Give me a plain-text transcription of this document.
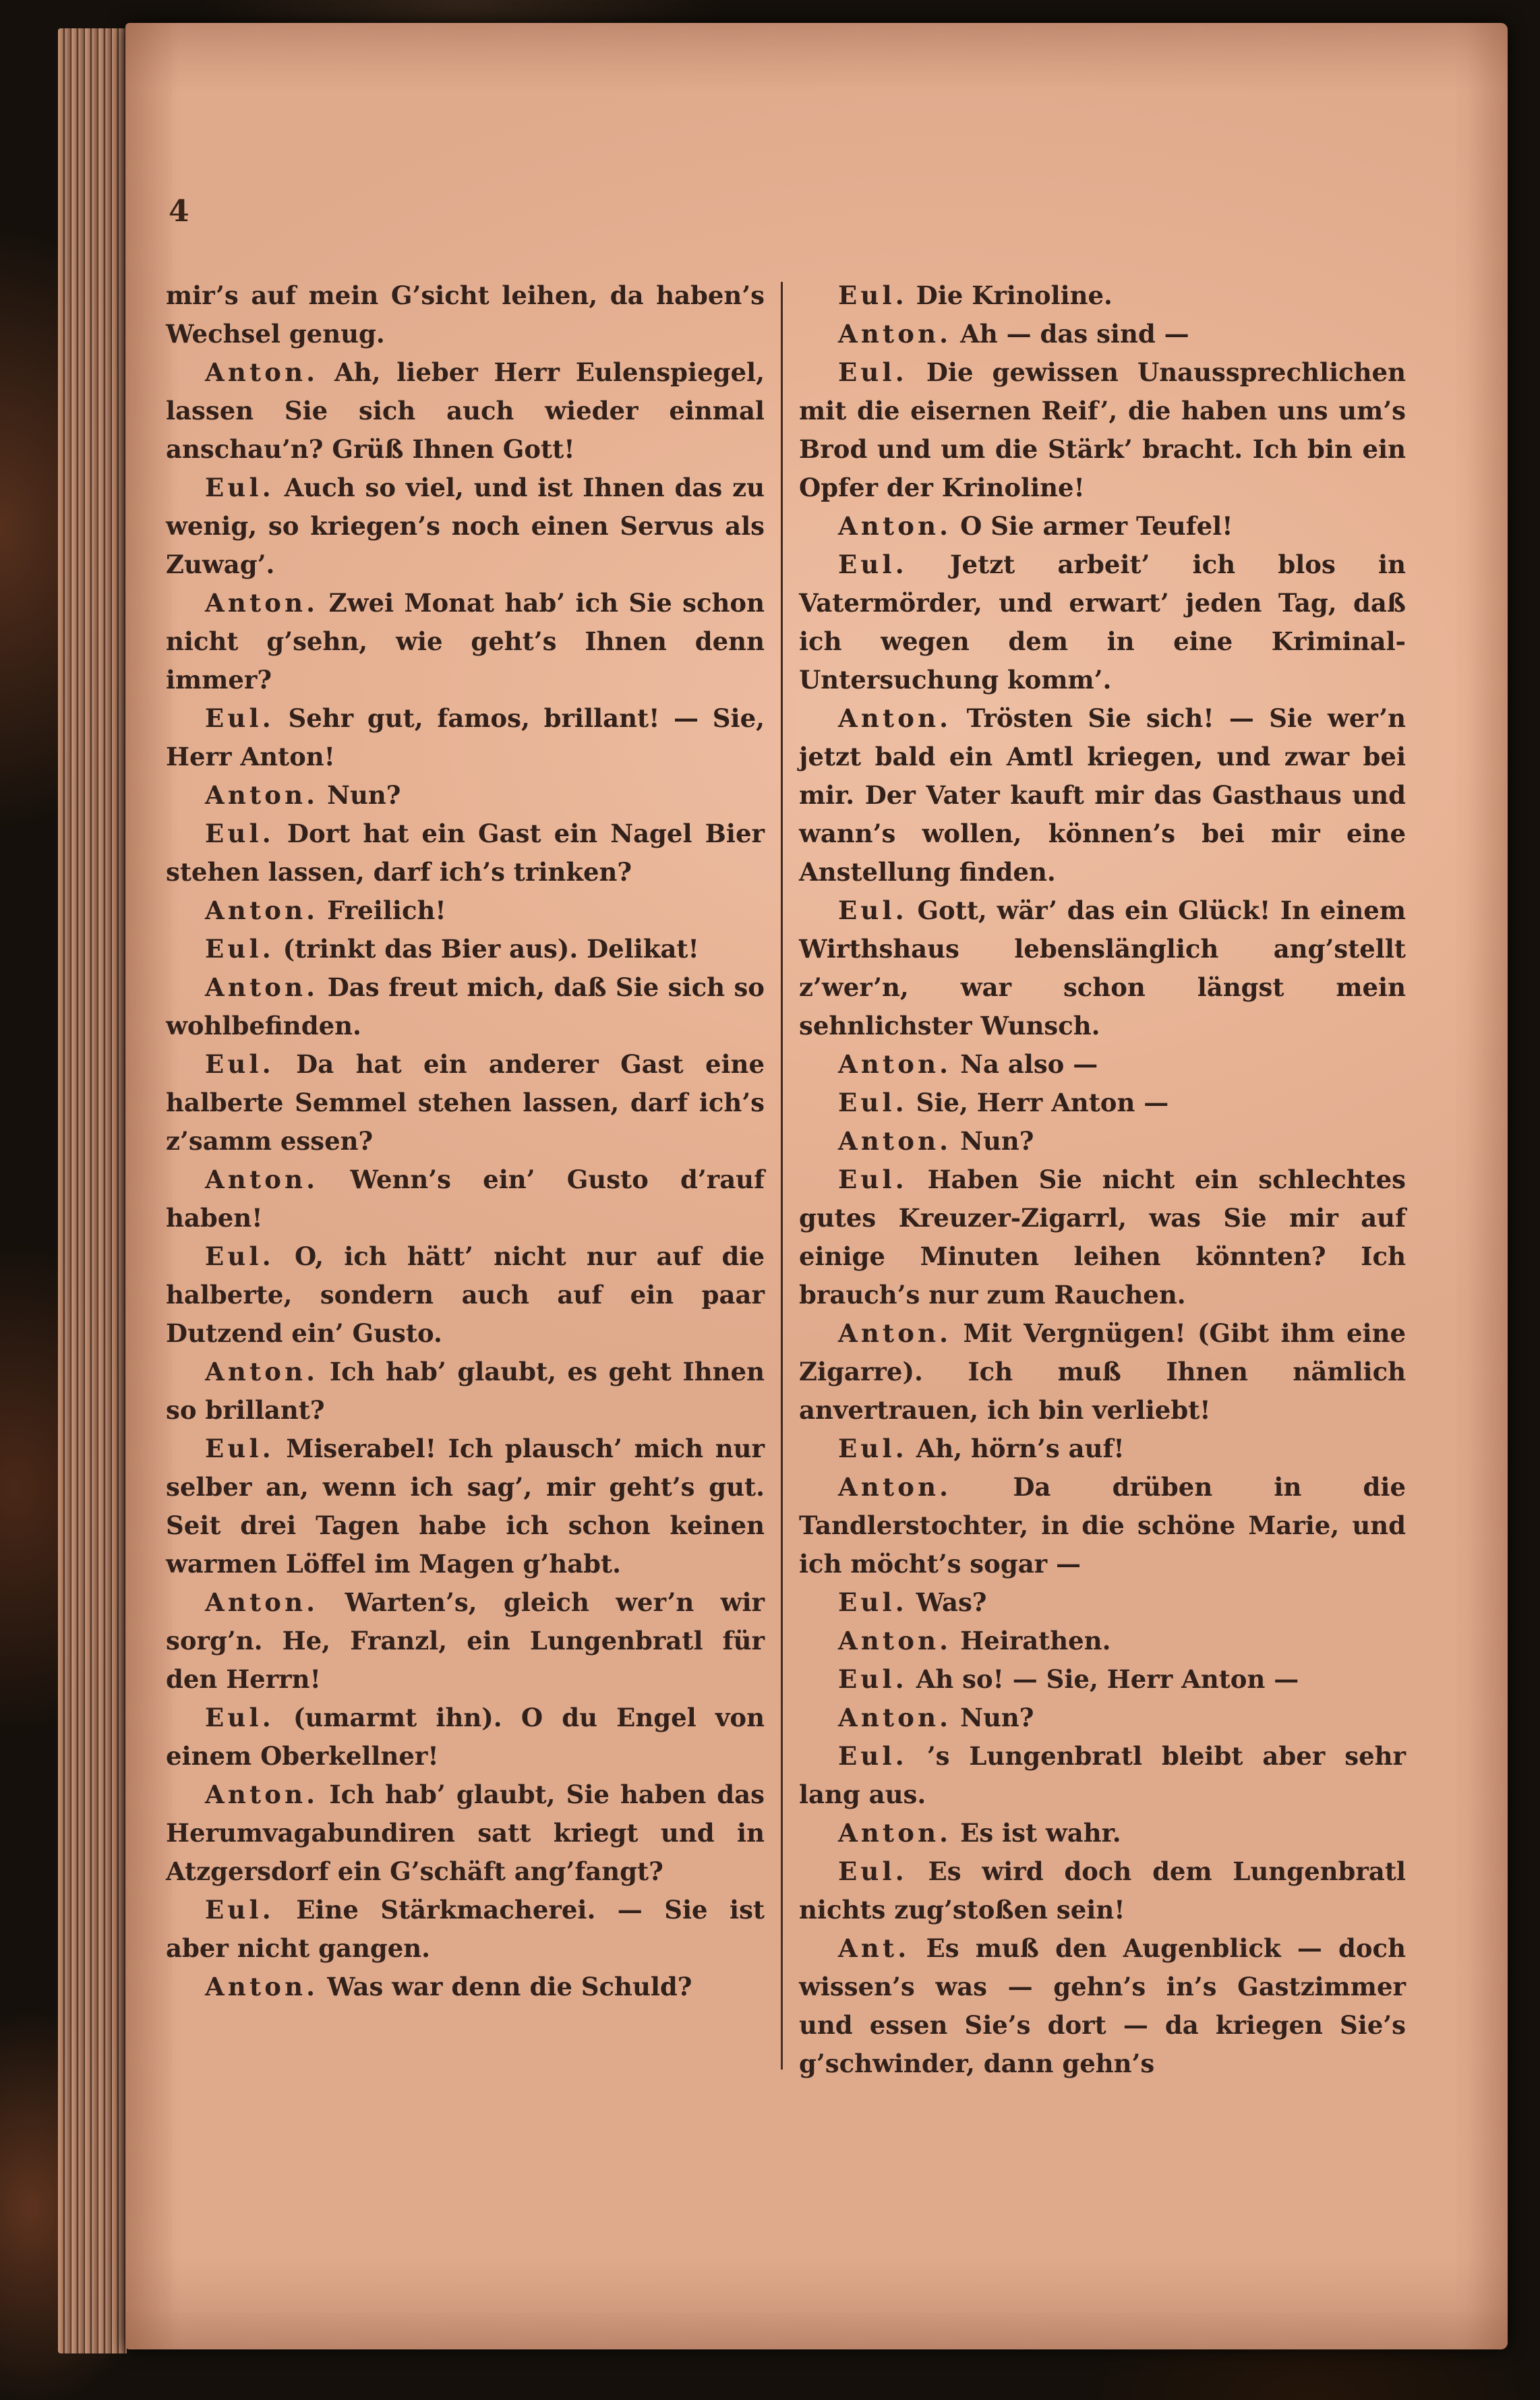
4

mir’s auf mein G’sicht leihen, da haben’s Wechsel genug.

Anton. Ah, lieber Herr Eulenspiegel, lassen Sie sich auch wieder einmal anschau’n? Grüß Ihnen Gott!

Eul. Auch so viel, und ist Ihnen das zu wenig, so kriegen’s noch einen Servus als Zuwag’.

Anton. Zwei Monat hab’ ich Sie schon nicht g’sehn, wie geht’s Ihnen denn immer?

Eul. Sehr gut, famos, brillant! — Sie, Herr Anton!

Anton. Nun?

Eul. Dort hat ein Gast ein Nagel Bier stehen lassen, darf ich’s trinken?

Anton. Freilich!

Eul. (trinkt das Bier aus). Delikat!

Anton. Das freut mich, daß Sie sich so wohlbefinden.

Eul. Da hat ein anderer Gast eine halberte Semmel stehen lassen, darf ich’s z’samm essen?

Anton. Wenn’s ein’ Gusto d’rauf haben!

Eul. O, ich hätt’ nicht nur auf die halberte, sondern auch auf ein paar Dutzend ein’ Gusto.

Anton. Ich hab’ glaubt, es geht Ihnen so brillant?

Eul. Miserabel! Ich plausch’ mich nur selber an, wenn ich sag’, mir geht’s gut. Seit drei Tagen habe ich schon keinen warmen Löffel im Magen g’habt.

Anton. Warten’s, gleich wer’n wir sorg’n. He, Franzl, ein Lungenbratl für den Herrn!

Eul. (umarmt ihn). O du Engel von einem Oberkellner!

Anton. Ich hab’ glaubt, Sie haben das Herumvagabundiren satt kriegt und in Atzgersdorf ein G’schäft ang’fangt?

Eul. Eine Stärkmacherei. — Sie ist aber nicht gangen.

Anton. Was war denn die Schuld?

Eul. Die Krinoline.

Anton. Ah — das sind —

Eul. Die gewissen Unaussprechlichen mit die eisernen Reif’, die haben uns um’s Brod und um die Stärk’ bracht. Ich bin ein Opfer der Krinoline!

Anton. O Sie armer Teufel!

Eul. Jetzt arbeit’ ich blos in Vatermörder, und erwart’ jeden Tag, daß ich wegen dem in eine Kriminal-Untersuchung komm’.

Anton. Trösten Sie sich! — Sie wer’n jetzt bald ein Amtl kriegen, und zwar bei mir. Der Vater kauft mir das Gasthaus und wann’s wollen, können’s bei mir eine Anstellung finden.

Eul. Gott, wär’ das ein Glück! In einem Wirthshaus lebenslänglich ang’stellt z’wer’n, war schon längst mein sehnlichster Wunsch.

Anton. Na also —

Eul. Sie, Herr Anton —

Anton. Nun?

Eul. Haben Sie nicht ein schlechtes gutes Kreuzer-Zigarrl, was Sie mir auf einige Minuten leihen könnten? Ich brauch’s nur zum Rauchen.

Anton. Mit Vergnügen! (Gibt ihm eine Zigarre). Ich muß Ihnen nämlich anvertrauen, ich bin verliebt!

Eul. Ah, hörn’s auf!

Anton. Da drüben in die Tandlerstochter, in die schöne Marie, und ich möcht’s sogar —

Eul. Was?

Anton. Heirathen.

Eul. Ah so! — Sie, Herr Anton —

Anton. Nun?

Eul. ’s Lungenbratl bleibt aber sehr lang aus.

Anton. Es ist wahr.

Eul. Es wird doch dem Lungenbratl nichts zug’stoßen sein!

Ant. Es muß den Augenblick — doch wissen’s was — gehn’s in’s Gastzimmer und essen Sie’s dort — da kriegen Sie’s g’schwinder, dann gehn’s
